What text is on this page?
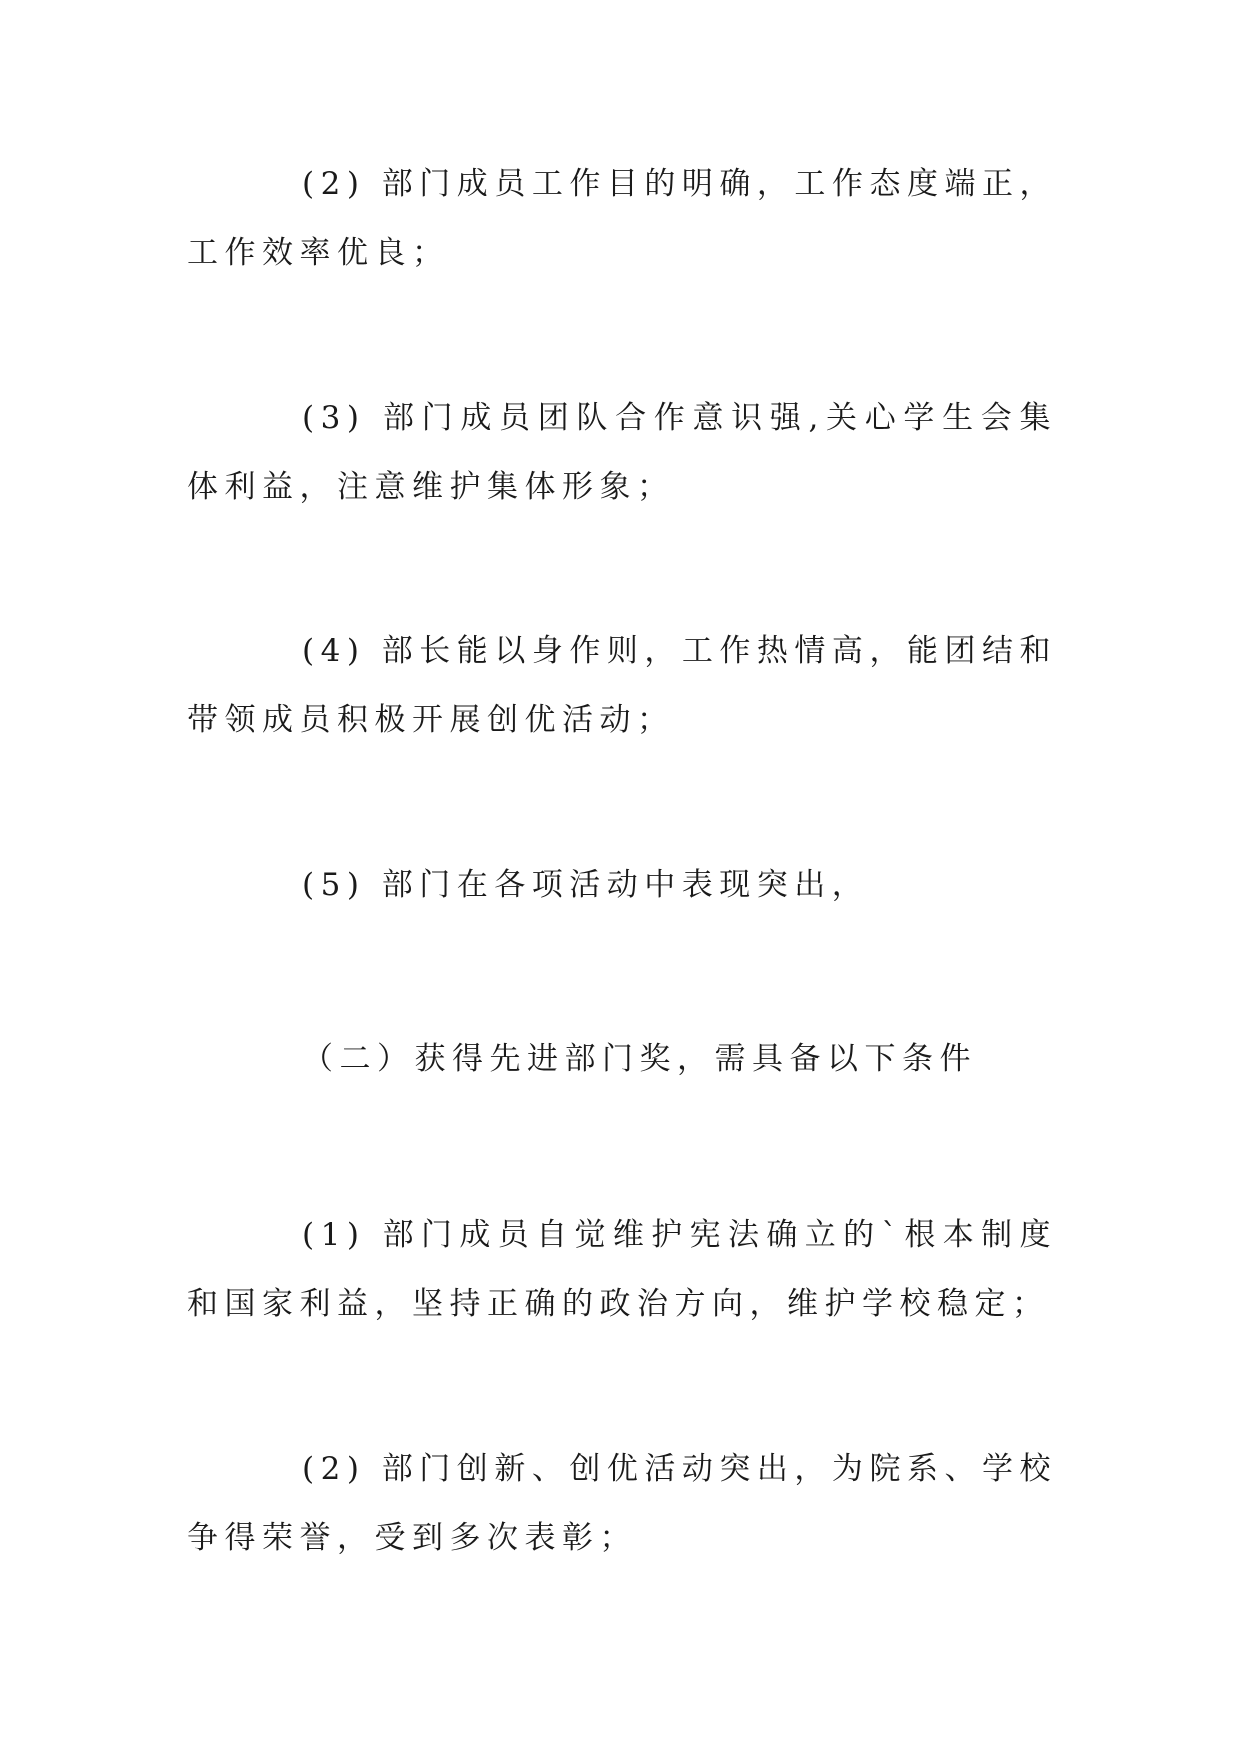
(2) 部门成员工作目的明确，工作态度端正，工作效率优良；

(3) 部门成员团队合作意识强,关心学生会集体利益，注意维护集体形象；

(4) 部长能以身作则，工作热情高，能团结和带领成员积极开展创优活动；

(5) 部门在各项活动中表现突出，

（二）获得先进部门奖，需具备以下条件

(1) 部门成员自觉维护宪法确立的`根本制度和国家利益，坚持正确的政治方向，维护学校稳定；

(2) 部门创新、创优活动突出，为院系、学校争得荣誉，受到多次表彰；
